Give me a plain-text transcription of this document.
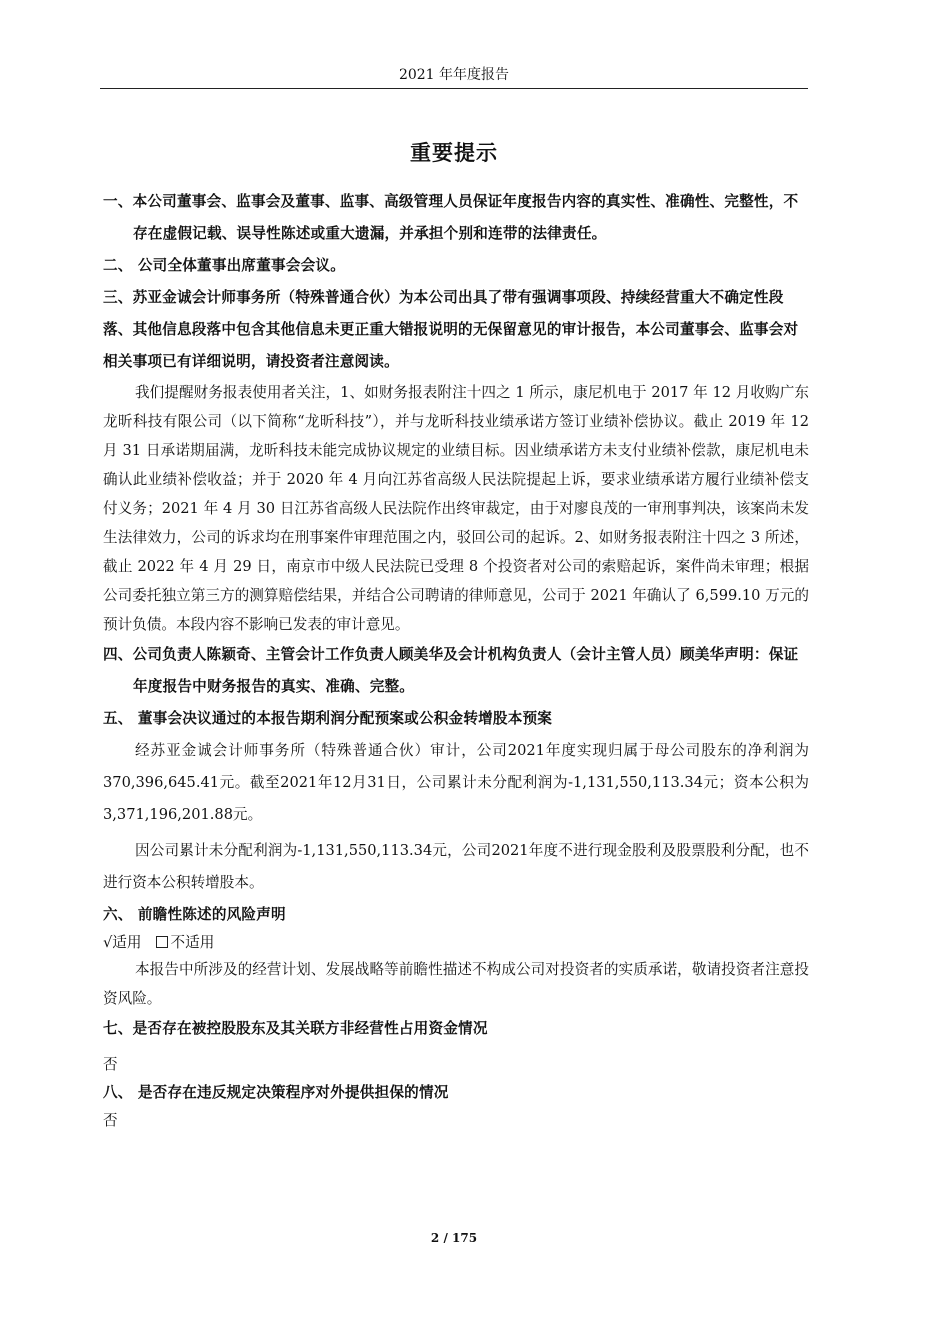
2021 年年度报告
重要提示

一、本公司董事会、监事会及董事、监事、高级管理人员保证年度报告内容的真实性、准确性、完整性，不存在虚假记载、误导性陈述或重大遗漏，并承担个别和连带的法律责任。

二、 公司全体董事出席董事会会议。

三、苏亚金诚会计师事务所（特殊普通合伙）为本公司出具了带有强调事项段、持续经营重大不确定性段落、其他信息段落中包含其他信息未更正重大错报说明的无保留意见的审计报告，本公司董事会、监事会对相关事项已有详细说明，请投资者注意阅读。

我们提醒财务报表使用者关注，1、如财务报表附注十四之 1 所示，康尼机电于 2017 年 12 月收购广东龙昕科技有限公司（以下简称“龙昕科技”），并与龙昕科技业绩承诺方签订业绩补偿协议。截止 2019 年 12 月 31 日承诺期届满，龙昕科技未能完成协议规定的业绩目标。因业绩承诺方未支付业绩补偿款，康尼机电未确认此业绩补偿收益；并于 2020 年 4 月向江苏省高级人民法院提起上诉，要求业绩承诺方履行业绩补偿支付义务；2021 年 4 月 30 日江苏省高级人民法院作出终审裁定，由于对廖良茂的一审刑事判决，该案尚未发生法律效力，公司的诉求均在刑事案件审理范围之内，驳回公司的起诉。2、如财务报表附注十四之 3 所述，截止 2022 年 4 月 29 日，南京市中级人民法院已受理 8 个投资者对公司的索赔起诉，案件尚未审理；根据公司委托独立第三方的测算赔偿结果，并结合公司聘请的律师意见，公司于 2021 年确认了 6,599.10 万元的预计负债。本段内容不影响已发表的审计意见。

四、公司负责人陈颖奇、主管会计工作负责人顾美华及会计机构负责人（会计主管人员）顾美华声明：保证年度报告中财务报告的真实、准确、完整。

五、 董事会决议通过的本报告期利润分配预案或公积金转增股本预案

经苏亚金诚会计师事务所（特殊普通合伙）审计，公司2021年度实现归属于母公司股东的净利润为370,396,645.41元。截至2021年12月31日，公司累计未分配利润为-1,131,550,113.34元；资本公积为3,371,196,201.88元。

因公司累计未分配利润为-1,131,550,113.34元，公司2021年度不进行现金股利及股票股利分配，也不进行资本公积转增股本。

六、 前瞻性陈述的风险声明

√适用 不适用

本报告中所涉及的经营计划、发展战略等前瞻性描述不构成公司对投资者的实质承诺，敬请投资者注意投资风险。

七、是否存在被控股股东及其关联方非经营性占用资金情况

否

八、 是否存在违反规定决策程序对外提供担保的情况

否

2 / 175
